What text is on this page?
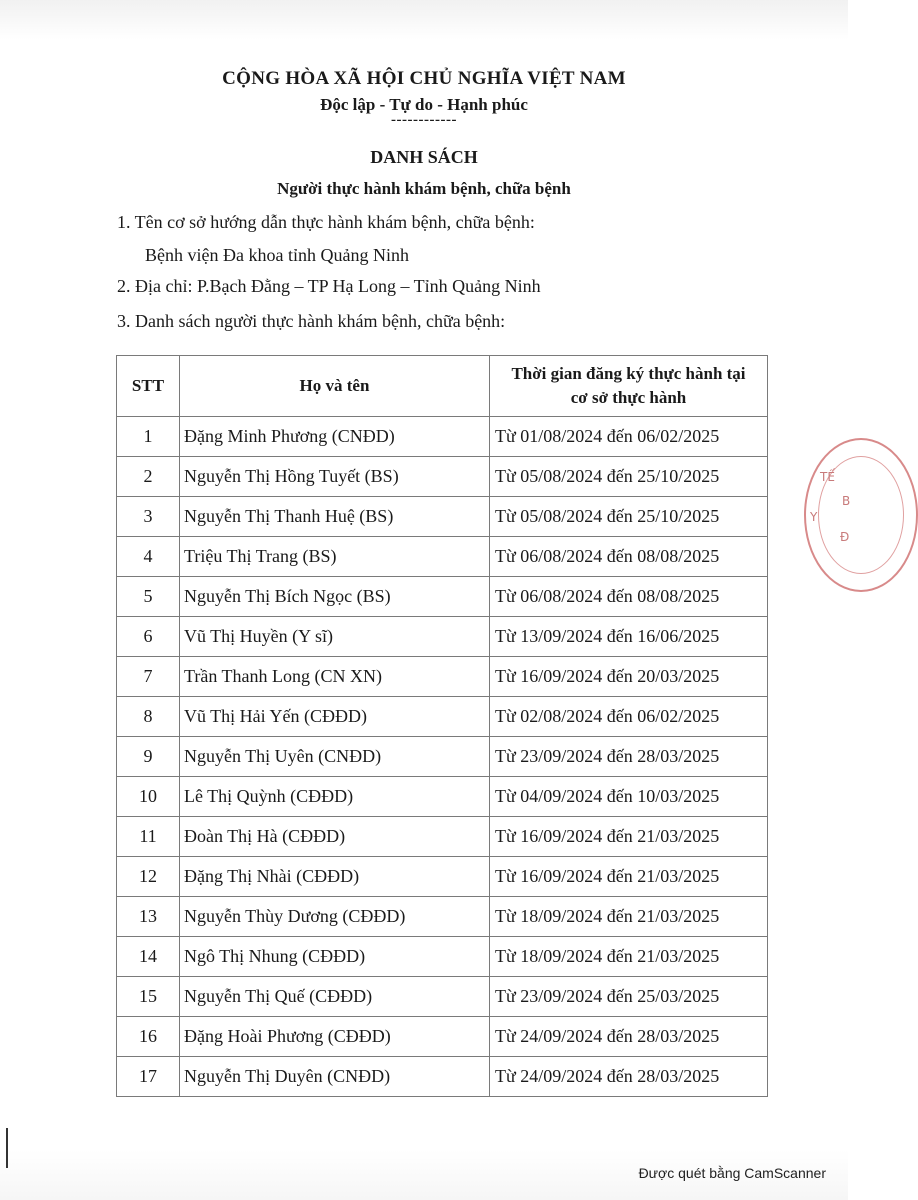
CỘNG HÒA XÃ HỘI CHỦ NGHĨA VIỆT NAM
Độc lập - Tự do - Hạnh phúc
------------
DANH SÁCH
Người thực hành khám bệnh, chữa bệnh
1. Tên cơ sở hướng dẫn thực hành khám bệnh, chữa bệnh:
Bệnh viện Đa khoa tỉnh Quảng Ninh
2. Địa chỉ: P.Bạch Đằng – TP Hạ Long – Tỉnh Quảng Ninh
3. Danh sách người thực hành khám bệnh, chữa bệnh:
STT	Họ và tên	Thời gian đăng ký thực hành tại
cơ sở thực hành

1	Đặng Minh Phương (CNĐD)	Từ 01/08/2024 đến 06/02/2025
2	Nguyễn Thị Hồng Tuyết (BS)	Từ 05/08/2024 đến 25/10/2025
3	Nguyễn Thị Thanh Huệ (BS)	Từ 05/08/2024 đến 25/10/2025
4	Triệu Thị Trang (BS)	Từ 06/08/2024 đến 08/08/2025
5	Nguyễn Thị Bích Ngọc (BS)	Từ 06/08/2024 đến 08/08/2025
6	Vũ Thị Huyền (Y sĩ)	Từ 13/09/2024 đến 16/06/2025
7	Trần Thanh Long (CN XN)	Từ 16/09/2024 đến 20/03/2025
8	Vũ Thị Hải Yến (CĐĐD)	Từ 02/08/2024 đến 06/02/2025
9	Nguyễn Thị Uyên (CNĐD)	Từ 23/09/2024 đến 28/03/2025
10	Lê Thị Quỳnh (CĐĐD)	Từ 04/09/2024 đến 10/03/2025
11	Đoàn Thị Hà (CĐĐD)	Từ 16/09/2024 đến 21/03/2025
12	Đặng Thị Nhài (CĐĐD)	Từ 16/09/2024 đến 21/03/2025
13	Nguyễn Thùy Dương (CĐĐD)	Từ 18/09/2024 đến 21/03/2025
14	Ngô Thị Nhung (CĐĐD)	Từ 18/09/2024 đến 21/03/2025
15	Nguyễn Thị Quế (CĐĐD)	Từ 23/09/2024 đến 25/03/2025
16	Đặng Hoài Phương (CĐĐD)	Từ 24/09/2024 đến 28/03/2025
17	Nguyễn Thị Duyên (CNĐD)	Từ 24/09/2024 đến 28/03/2025
TẾ
Y
B
Đ
Được quét bằng CamScanner
